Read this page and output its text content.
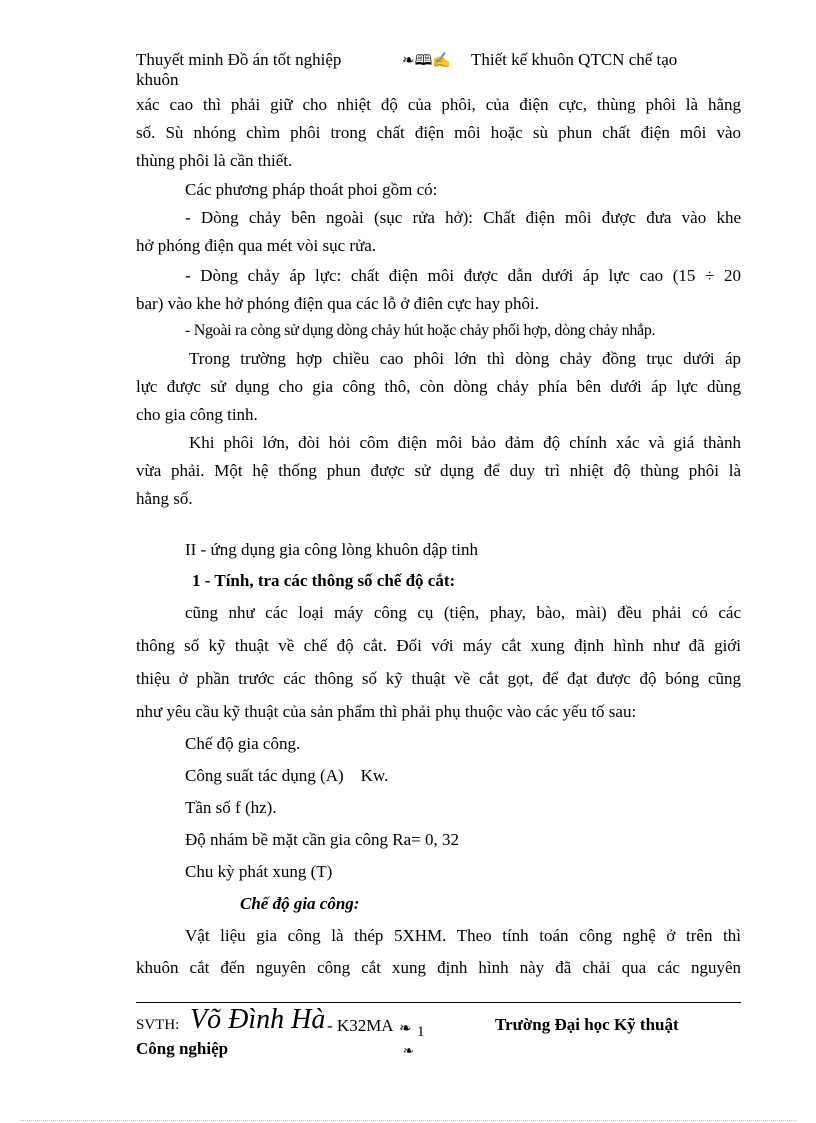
Thuyết minh Đồ án tốt nghiệp	❧🕮✍ Thiết kế khuôn QTCN chế tạo
khuôn
xác cao thì phải giữ cho nhiệt độ của phôi, của điện cực, thùng phôi là hằng
số. Sù nhóng chìm phôi trong chất điện môi hoặc sù phun chất điện môi vào
thùng phôi là cần thiết.
Các phương pháp thoát phoi gồm có:
- Dòng chảy bên ngoài (sục rửa hở): Chất điện môi được đưa vào khe
hở phóng điện qua mét vòi sục rửa.
- Dòng chảy áp lực: chất điện môi được dẫn dưới áp lực cao (15 ÷ 20
bar) vào khe hở phóng điện qua các lỗ ở điên cực hay phôi.
- Ngoài ra còng sử dụng dòng chảy hút hoặc chảy phối hợp, dòng chảy nhắp.
Trong trường hợp chiều cao phôi lớn thì dòng chảy đồng trục dưới áp
lực được sử dụng cho gia công thô, còn dòng chảy phía bên dưới áp lực dùng
cho gia công tinh.
Khi phôi lớn, đòi hỏi côm điện môi bảo đảm độ chính xác và giá thành
vừa phải. Một hệ thống phun được sử dụng để duy trì nhiệt độ thùng phôi là
hằng số.
II - ứng dụng gia công lòng khuôn dập tinh
1 - Tính, tra các thông số chế độ cắt:
cũng như các loại máy công cụ (tiện, phay, bào, mài) đều phải có các
thông số kỹ thuật về chế độ cắt. Đối với máy cắt xung định hình như đã giới
thiệu ở phần trước các thông số kỹ thuật về cắt gọt, để đạt được độ bóng cũng
như yêu cầu kỹ thuật của sản phẩm thì phải phụ thuộc vào các yếu tố sau:
Chế độ gia công.
Công suất tác dụng (A)    Kw.
Tần số f (hz).
Độ nhám bề mặt cần gia công Ra= 0, 32
Chu kỳ phát xung (T)
Chế độ gia công:
Vật liệu gia công là thép 5XHM. Theo tính toán công nghệ ở trên thì
khuôn cắt đến nguyên công cắt xung định hình này đã chải qua các nguyên
SVTH: Võ Đình Hà - K32MA ❧ 1
❧
Trường Đại học Kỹ thuật
Công nghiệp
